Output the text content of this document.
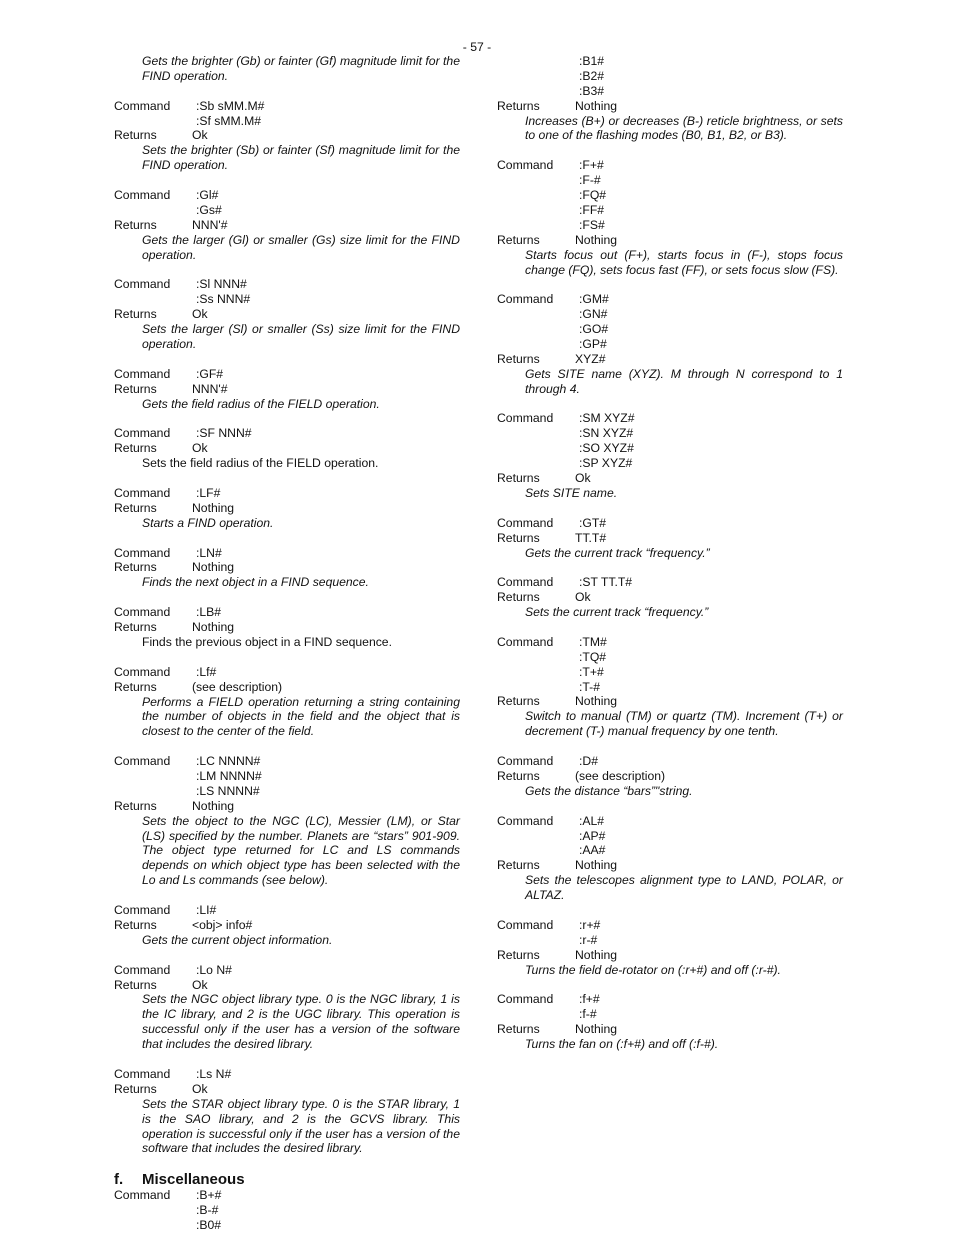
- 57 -
Gets the brighter (Gb) or fainter (Gf) magnitude limit for the FIND operation.
Command :Sb sMM.M#
:Sf sMM.M#
Returns	Ok
Sets the brighter (Sb) or fainter (Sf) magnitude limit for the FIND operation.
Command :Gl#
:Gs#
Returns	NNN'#
Gets the larger (Gl) or smaller (Gs) size limit for the FIND operation.
Command :Sl NNN#
:Ss NNN#
Returns	Ok
Sets the larger (Sl) or smaller (Ss) size limit for the FIND operation.
Command :GF#
Returns	NNN'#
Gets the field radius of the FIELD operation.
Command :SF NNN#
Returns	Ok
Sets the field radius of the FIELD operation.
Command :LF#
Returns	Nothing
Starts a FIND operation.
Command :LN#
Returns	Nothing
Finds the next object in a FIND sequence.
Command :LB#
Returns	Nothing
Finds the previous object in a FIND sequence.
Command :Lf#
Returns	(see description)
Performs a FIELD operation returning a string containing the number of objects in the field and the object that is closest to the center of the field.
Command :LC NNNN#
:LM NNNN#
:LS NNNN#
Returns	Nothing
Sets the object to the NGC (LC), Messier (LM), or Star (LS) specified by the number. Planets are “stars” 901-909. The object type returned for LC and LS commands depends on which object type has been selected with the Lo and Ls commands (see below).
Command :LI#
Returns	<obj> info#
Gets the current object information.
Command :Lo N#
Returns	Ok
Sets the NGC object library type. 0 is the NGC library, 1 is the IC library, and 2 is the UGC library. This operation is successful only if the user has a version of the software that includes the desired library.
Command :Ls N#
Returns	Ok
Sets the STAR object library type. 0 is the STAR library, 1 is the SAO library, and 2 is the GCVS library. This operation is successful only if the user has a version of the software that includes the desired library.
f. Miscellaneous
Command :B+#
:B-#
:B0#
:B1#
:B2#
:B3#
Returns	Nothing
Increases (B+) or decreases (B-) reticle brightness, or sets to one of the flashing modes (B0, B1, B2, or B3).
Command :F+#
:F-#
:FQ#
:FF#
:FS#
Returns	Nothing
Starts focus out (F+), starts focus in (F-), stops focus change (FQ), sets focus fast (FF), or sets focus slow (FS).
Command :GM#
:GN#
:GO#
:GP#
Returns	XYZ#
Gets SITE name (XYZ). M through N correspond to 1 through 4.
Command :SM XYZ#
:SN XYZ#
:SO XYZ#
:SP XYZ#
Returns	Ok
Sets SITE name.
Command :GT#
Returns	TT.T#
Gets the current track “frequency.”
Command :ST TT.T#
Returns	Ok
Sets the current track “frequency.”
Command :TM#
:TQ#
:T+#
:T-#
Returns	Nothing
Switch to manual (TM) or quartz (TM). Increment (T+) or decrement (T-) manual frequency by one tenth.
Command :D#
Returns	(see description)
Gets the distance “bars”"string.
Command :AL#
:AP#
:AA#
Returns	Nothing
Sets the telescopes alignment type to LAND, POLAR, or ALTAZ.
Command :r+#
:r-#
Returns	Nothing
Turns the field de-rotator on (:r+#) and off (:r-#).
Command :f+#
:f-#
Returns	Nothing
Turns the fan on (:f+#) and off (:f-#).
